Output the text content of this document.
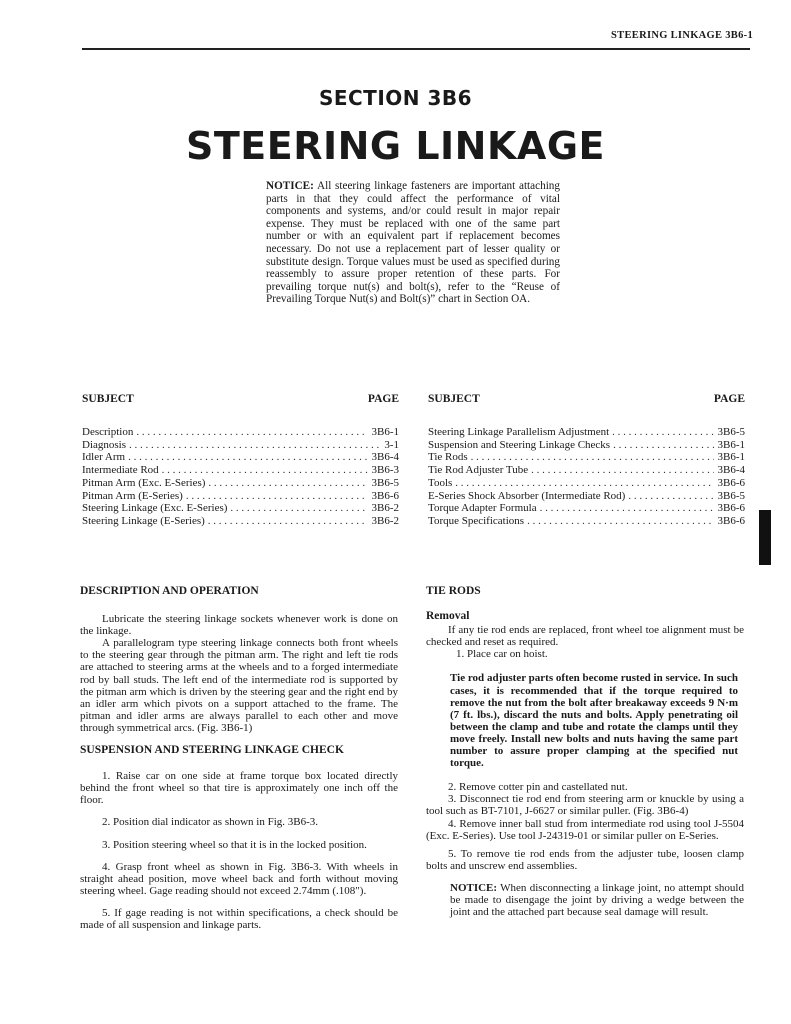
STEERING LINKAGE 3B6-1
SECTION 3B6
STEERING LINKAGE
NOTICE: All steering linkage fasteners are important attaching parts in that they could affect the performance of vital components and systems, and/or could result in major repair expense. They must be replaced with one of the same part number or with an equivalent part if replacement becomes necessary. Do not use a replacement part of lesser quality or substitute design. Torque values must be used as specified during reassembly to assure proper retention of these parts. For prevailing torque nut(s) and bolt(s), refer to the “Reuse of Prevailing Torque Nut(s) and Bolt(s)” chart in Section OA.
SUBJECT	PAGE
Description . . .	3B6-1
Diagnosis . . .	3-1
Idler Arm . . .	3B6-4
Intermediate Rod . . .	3B6-3
Pitman Arm (Exc. E-Series) . . .	3B6-5
Pitman Arm (E-Series) . . .	3B6-6
Steering Linkage (Exc. E-Series) . . .	3B6-2
Steering Linkage (E-Series) . . .	3B6-2
SUBJECT	PAGE
Steering Linkage Parallelism Adjustment . . .	3B6-5
Suspension and Steering Linkage Checks . . .	3B6-1
Tie Rods . . .	3B6-1
Tie Rod Adjuster Tube . . .	3B6-4
Tools . . .	3B6-6
E-Series Shock Absorber (Intermediate Rod) . . .	3B6-5
Torque Adapter Formula . . .	3B6-6
Torque Specifications . . .	3B6-6
DESCRIPTION AND OPERATION

Lubricate the steering linkage sockets whenever work is done on the linkage.

A parallelogram type steering linkage connects both front wheels to the steering gear through the pitman arm. The right and left tie rods are attached to steering arms at the wheels and to a forged intermediate rod by ball studs. The left end of the intermediate rod is supported by the pitman arm which is driven by the steering gear and the right end by an idler arm which pivots on a support attached to the frame. The pitman and idler arms are always parallel to each other and move through symmetrical arcs. (Fig. 3B6-1)

SUSPENSION AND STEERING LINKAGE CHECK

1. Raise car on one side at frame torque box located directly behind the front wheel so that tire is approximately one inch off the floor.

2. Position dial indicator as shown in Fig. 3B6-3.

3. Position steering wheel so that it is in the locked position.

4. Grasp front wheel as shown in Fig. 3B6-3. With wheels in straight ahead position, move wheel back and forth without moving steering wheel. Gage reading should not exceed 2.74mm (.108″).

5. If gage reading is not within specifications, a check should be made of all suspension and linkage parts.

TIE RODS
Removal

If any tie rod ends are replaced, front wheel toe alignment must be checked and reset as required.

1. Place car on hoist.

Tie rod adjuster parts often become rusted in service. In such cases, it is recommended that if the torque required to remove the nut from the bolt after breakaway exceeds 9 N·m (7 ft. lbs.), discard the nuts and bolts. Apply penetrating oil between the clamp and tube and rotate the clamps until they move freely. Install new bolts and nuts having the same part number to assure proper clamping at the specified nut torque.

2. Remove cotter pin and castellated nut.

3. Disconnect tie rod end from steering arm or knuckle by using a tool such as BT-7101, J-6627 or similar puller. (Fig. 3B6-4)

4. Remove inner ball stud from intermediate rod using tool J-5504 (Exc. E-Series). Use tool J-24319-01 or similar puller on E-Series.

5. To remove tie rod ends from the adjuster tube, loosen clamp bolts and unscrew end assemblies.

NOTICE: When disconnecting a linkage joint, no attempt should be made to disengage the joint by driving a wedge between the joint and the attached part because seal damage will result.
